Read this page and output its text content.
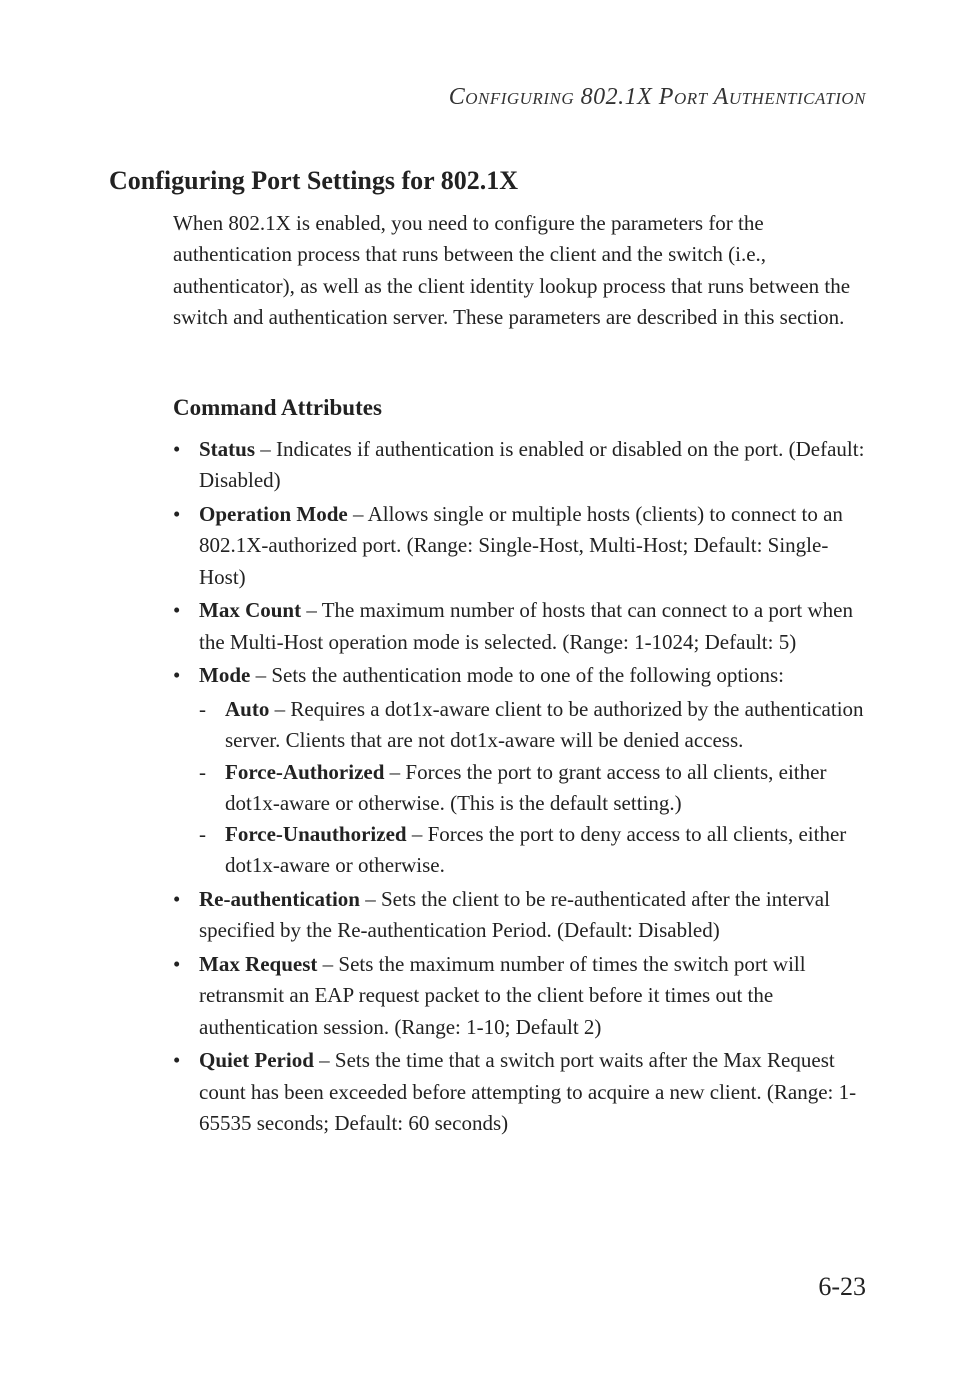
CONFIGURING 802.1X PORT AUTHENTICATION
Configuring Port Settings for 802.1X

When 802.1X is enabled, you need to configure the parameters for the authentication process that runs between the client and the switch (i.e., authenticator), as well as the client identity lookup process that runs between the switch and authentication server. These parameters are described in this section.

Command Attributes
• Status – Indicates if authentication is enabled or disabled on the port. (Default: Disabled)
• Operation Mode – Allows single or multiple hosts (clients) to connect to an 802.1X-authorized port. (Range: Single-Host, Multi-Host; Default: Single-Host)
• Max Count – The maximum number of hosts that can connect to a port when the Multi-Host operation mode is selected. (Range: 1-1024; Default: 5)
• Mode – Sets the authentication mode to one of the following options:
- Auto – Requires a dot1x-aware client to be authorized by the authentication server. Clients that are not dot1x-aware will be denied access.
- Force-Authorized – Forces the port to grant access to all clients, either dot1x-aware or otherwise. (This is the default setting.)
- Force-Unauthorized – Forces the port to deny access to all clients, either dot1x-aware or otherwise.
• Re-authentication – Sets the client to be re-authenticated after the interval specified by the Re-authentication Period. (Default: Disabled)
• Max Request – Sets the maximum number of times the switch port will retransmit an EAP request packet to the client before it times out the authentication session. (Range: 1-10; Default 2)
• Quiet Period – Sets the time that a switch port waits after the Max Request count has been exceeded before attempting to acquire a new client. (Range: 1-65535 seconds; Default: 60 seconds)
6-23
